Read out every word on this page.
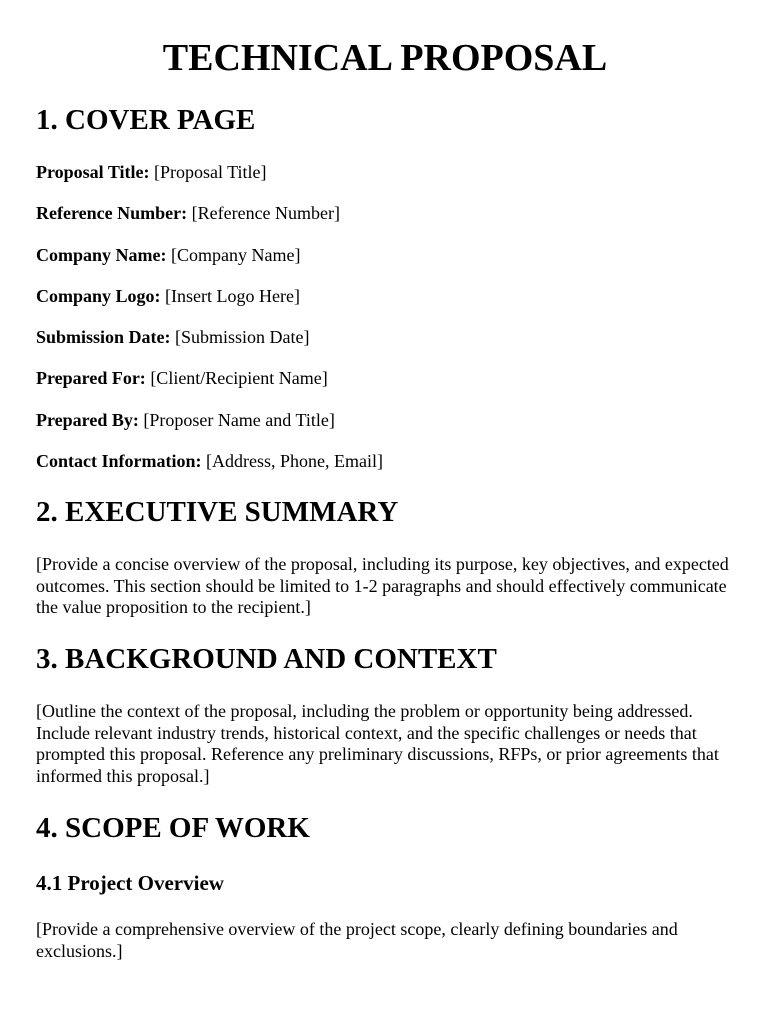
TECHNICAL PROPOSAL
1. COVER PAGE

Proposal Title: [Proposal Title]

Reference Number: [Reference Number]

Company Name: [Company Name]

Company Logo: [Insert Logo Here]

Submission Date: [Submission Date]

Prepared For: [Client/Recipient Name]

Prepared By: [Proposer Name and Title]

Contact Information: [Address, Phone, Email]

2. EXECUTIVE SUMMARY

[Provide a concise overview of the proposal, including its purpose, key objectives, and expected outcomes. This section should be limited to 1-2 paragraphs and should effectively communicate the value proposition to the recipient.]

3. BACKGROUND AND CONTEXT

[Outline the context of the proposal, including the problem or opportunity being addressed. Include relevant industry trends, historical context, and the specific challenges or needs that prompted this proposal. Reference any preliminary discussions, RFPs, or prior agreements that informed this proposal.]

4. SCOPE OF WORK
4.1 Project Overview

[Provide a comprehensive overview of the project scope, clearly defining boundaries and exclusions.]
